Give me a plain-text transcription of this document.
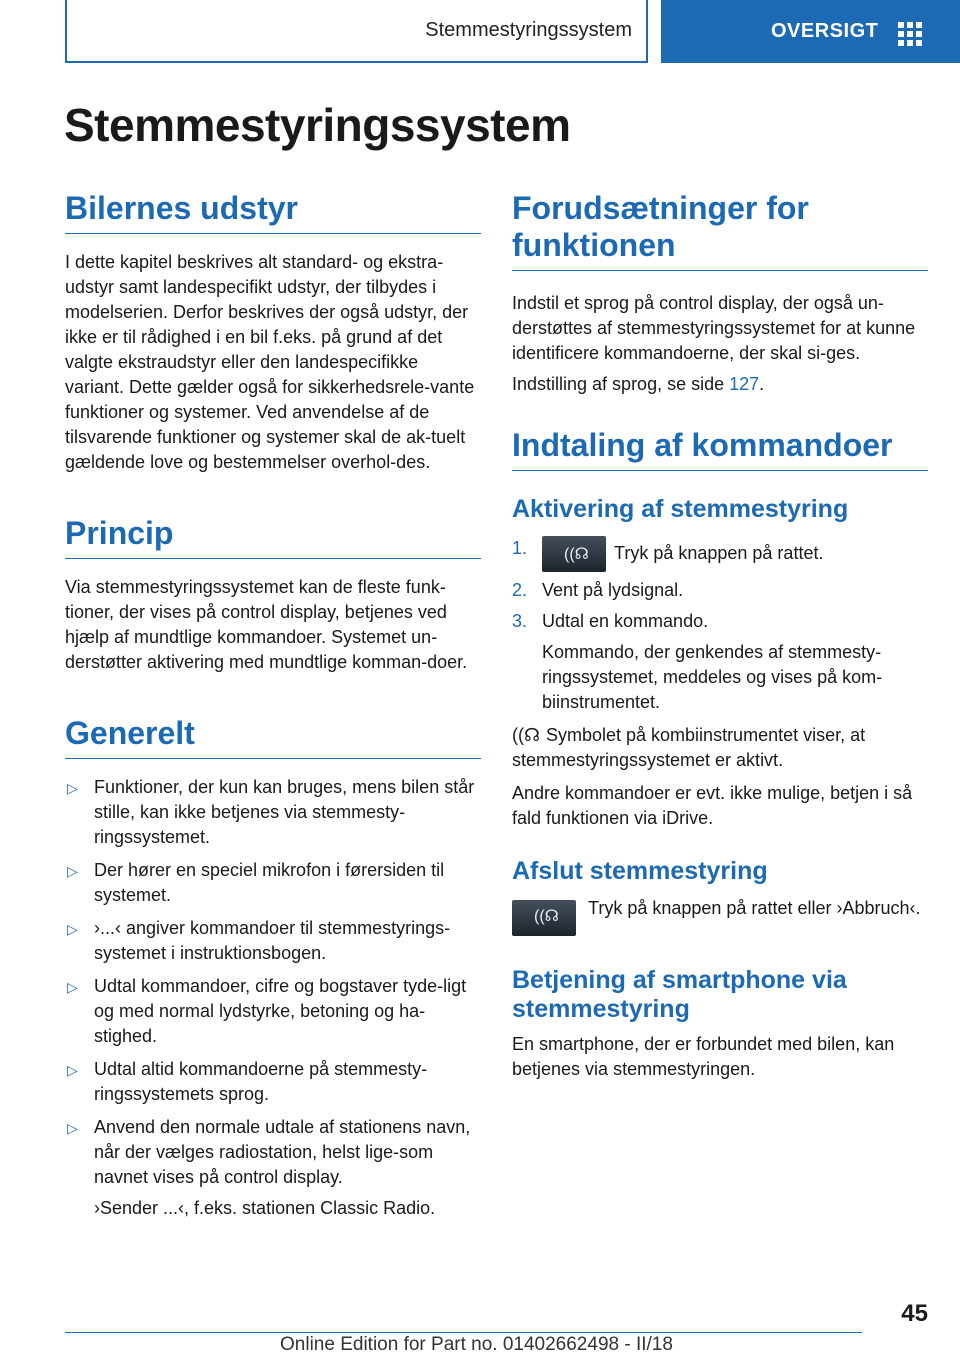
Stemmestyringssystem	OVERSIGT
Stemmestyringssystem
Bilernes udstyr

I dette kapitel beskrives alt standard- og ekstra-udstyr samt landespecifikt udstyr, der tilbydes i modelserien. Derfor beskrives der også udstyr, der ikke er til rådighed i en bil f.eks. på grund af det valgte ekstraudstyr eller den landespecifikke variant. Dette gælder også for sikkerhedsrele-vante funktioner og systemer. Ved anvendelse af de tilsvarende funktioner og systemer skal de ak-tuelt gældende love og bestemmelser overhol-des.

Princip

Via stemmestyringssystemet kan de fleste funk-tioner, der vises på control display, betjenes ved hjælp af mundtlige kommandoer. Systemet un-derstøtter aktivering med mundtlige komman-doer.

Generelt
▷ Funktioner, der kun kan bruges, mens bilen står stille, kan ikke betjenes via stemmesty-ringssystemet.
▷ Der hører en speciel mikrofon i førersiden til systemet.
▷ ›...‹ angiver kommandoer til stemmestyrings-systemet i instruktionsbogen.
▷ Udtal kommandoer, cifre og bogstaver tyde-ligt og med normal lydstyrke, betoning og ha-stighed.
▷ Udtal altid kommandoerne på stemmesty-ringssystemets sprog.
▷ Anvend den normale udtale af stationens navn, når der vælges radiostation, helst lige-som navnet vises på control display.
›Sender ...‹, f.eks. stationen Classic Radio.
Forudsætninger for funktionen

Indstil et sprog på control display, der også un-derstøttes af stemmestyringssystemet for at kunne identificere kommandoerne, der skal si-ges.

Indstilling af sprog, se side 127.

Indtaling af kommandoer
Aktivering af stemmestyring
1. ((☊ Tryk på knappen på rattet.
2. Vent på lydsignal.
3. Udtal en kommando.
Kommando, der genkendes af stemmesty-ringssystemet, meddeles og vises på kom-biinstrumentet.

((☊ Symbolet på kombiinstrumentet viser, at stemmestyringssystemet er aktivt.

Andre kommandoer er evt. ikke mulige, betjen i så fald funktionen via iDrive.

Afslut stemmestyring
((☊ Tryk på knappen på rattet eller ›Abbruch‹.

Betjening af smartphone via stemmestyring

En smartphone, der er forbundet med bilen, kan betjenes via stemmestyringen.

45
Online Edition for Part no. 01402662498 - II/18
